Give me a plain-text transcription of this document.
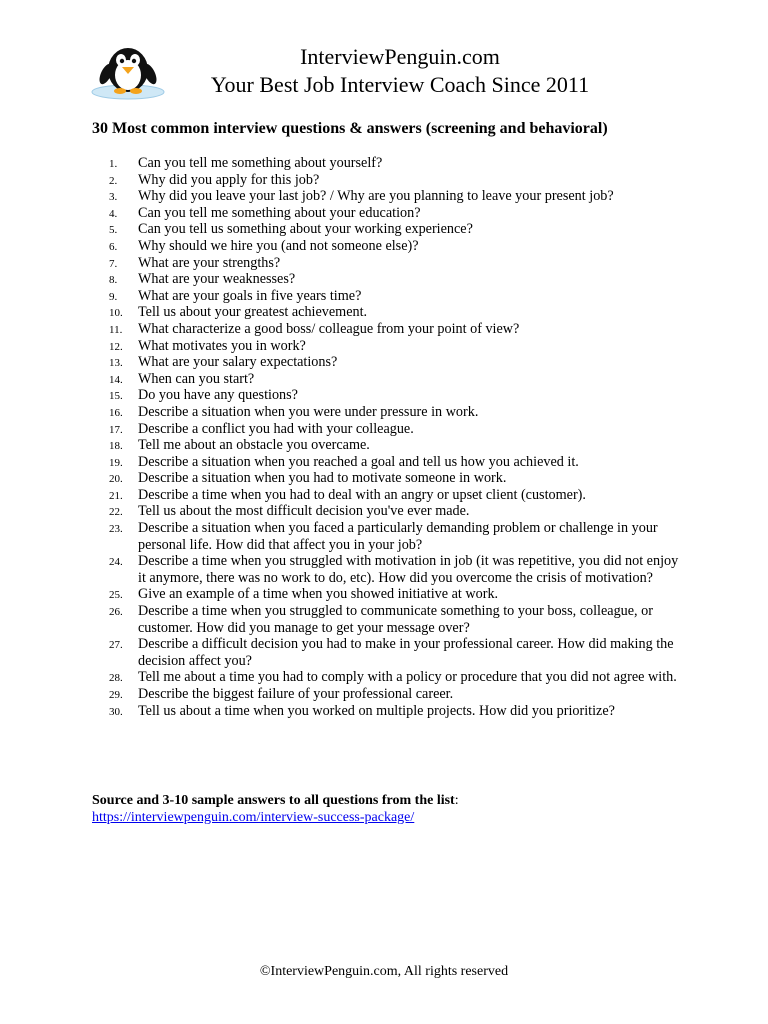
InterviewPenguin.com
Your Best Job Interview Coach Since 2011
30 Most common interview questions & answers (screening and behavioral)
1.	Can you tell me something about yourself?
2.	Why did you apply for this job?
3.	Why did you leave your last job? / Why are you planning to leave your present job?
4.	Can you tell me something about your education?
5.	Can you tell us something about your working experience?
6.	Why should we hire you (and not someone else)?
7.	What are your strengths?
8.	What are your weaknesses?
9.	What are your goals in five years time?
10.	Tell us about your greatest achievement.
11.	What characterize a good boss/ colleague from your point of view?
12.	What motivates you in work?
13.	What are your salary expectations?
14.	When can you start?
15.	Do you have any questions?
16.	Describe a situation when you were under pressure in work.
17.	Describe a conflict you had with your colleague.
18.	Tell me about an obstacle you overcame.
19.	Describe a situation when you reached a goal and tell us how you achieved it.
20.	Describe a situation when you had to motivate someone in work.
21.	Describe a time when you had to deal with an angry or upset client (customer).
22.	Tell us about the most difficult decision you've ever made.
23.	Describe a situation when you faced a particularly demanding problem or challenge in your personal life. How did that affect you in your job?
24.	Describe a time when you struggled with motivation in job (it was repetitive, you did not enjoy it anymore, there was no work to do, etc). How did you overcome the crisis of motivation?
25.	Give an example of a time when you showed initiative at work.
26.	Describe a time when you struggled to communicate something to your boss, colleague, or customer. How did you manage to get your message over?
27.	Describe a difficult decision you had to make in your professional career. How did making the decision affect you?
28.	Tell me about a time you had to comply with a policy or procedure that you did not agree with.
29.	Describe the biggest failure of your professional career.
30.	Tell us about a time when you worked on multiple projects. How did you prioritize?
Source and 3-10 sample answers to all questions from the list:
https://interviewpenguin.com/interview-success-package/
©InterviewPenguin.com, All rights reserved
